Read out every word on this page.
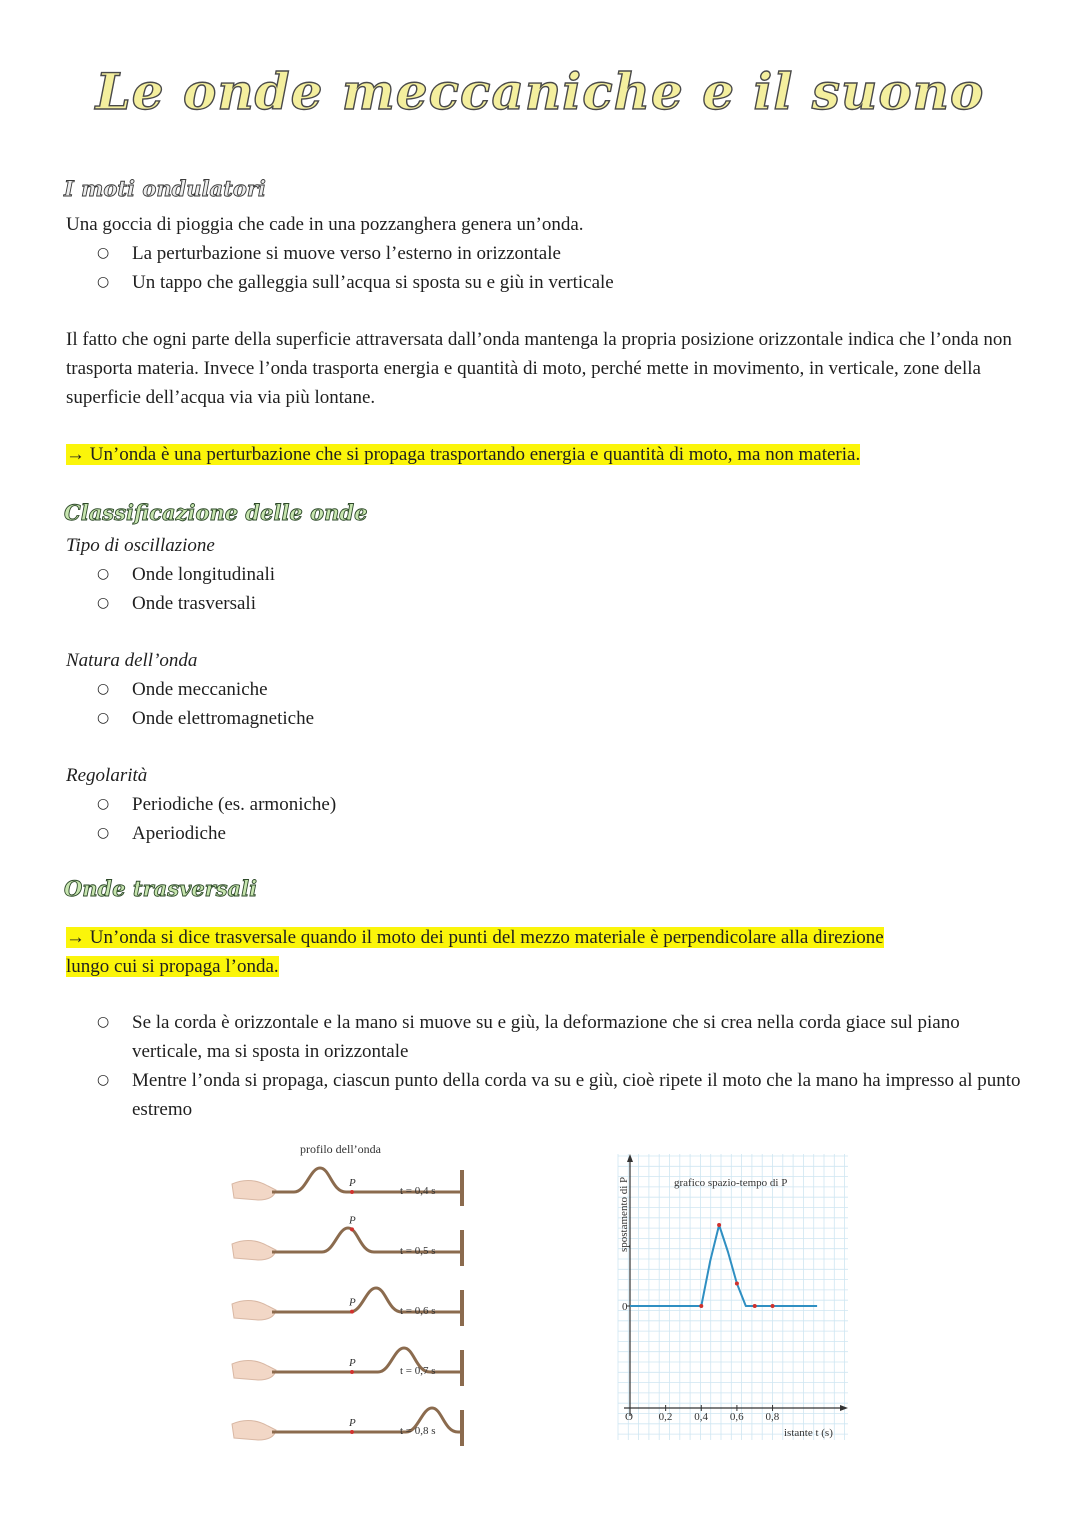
Le onde meccaniche e il suono
I moti ondulatori
Una goccia di pioggia che cade in una pozzanghera genera un’onda.
○ La perturbazione si muove verso l’esterno in orizzontale
○ Un tappo che galleggia sull’acqua si sposta su e giù in verticale
Il fatto che ogni parte della superficie attraversata dall’onda mantenga la propria posizione orizzontale indica che l’onda non trasporta materia. Invece l’onda trasporta energia e quantità di moto, perché mette in movimento, in verticale, zone della superficie dell’acqua via via più lontane.
→ Un’onda è una perturbazione che si propaga trasportando energia e quantità di moto, ma non materia.
Classificazione delle onde
Tipo di oscillazione
○ Onde longitudinali
○ Onde trasversali
Natura dell’onda
○ Onde meccaniche
○ Onde elettromagnetiche
Regolarità
○ Periodiche (es. armoniche)
○ Aperiodiche
Onde trasversali
→ Un’onda si dice trasversale quando il moto dei punti del mezzo materiale è perpendicolare alla direzione
lungo cui si propaga l’onda.
○ Se la corda è orizzontale e la mano si muove su e giù, la deformazione che si crea nella corda giace sul piano verticale, ma si sposta in orizzontale
○ Mentre l’onda si propaga, ciascun punto della corda va su e giù, cioè ripete il moto che la mano ha impresso al punto estremo
profilo dell’onda
P
t = 0,4 s
P
t = 0,5 s
P
t = 0,6 s
P
t = 0,7 s
P
t = 0,8 s
O 0,2 0,4 0,6 0,8
0
grafico spazio-tempo di P
spostamento di P
istante t (s)
